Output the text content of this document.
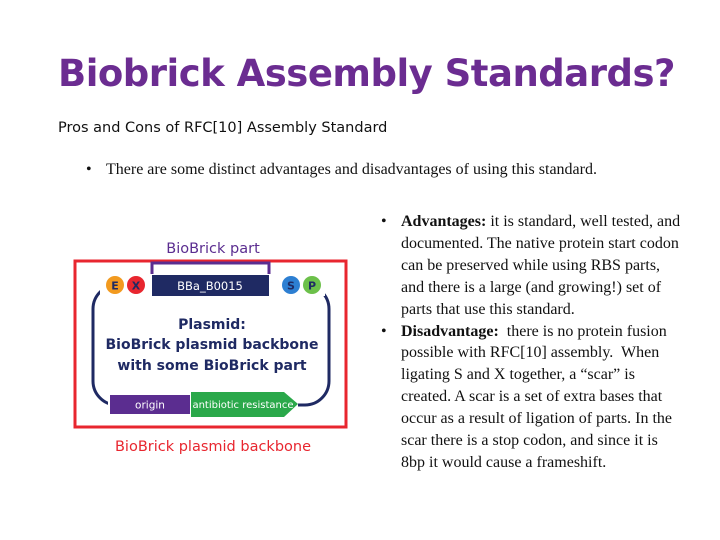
Biobrick Assembly Standards?
Pros and Cons of RFC[10] Assembly Standard
• There are some distinct advantages and disadvantages of using this standard.
E X	S P
BBa_B0015
BioBrick part
Plasmid:
BioBrick plasmid backbone
with some BioBrick part
origin	antibiotic resistance
BioBrick plasmid backbone
• Advantages: it is standard, well tested, and documented. The native protein start codon can be preserved while using RBS parts, and there is a large (and growing!) set of parts that use this standard.
• Disadvantage:  there is no protein fusion possible with RFC[10] assembly.  When ligating S and X together, a “scar” is created. A scar is a set of extra bases that occur as a result of ligation of parts. In the scar there is a stop codon, and since it is 8bp it would cause a frameshift.
